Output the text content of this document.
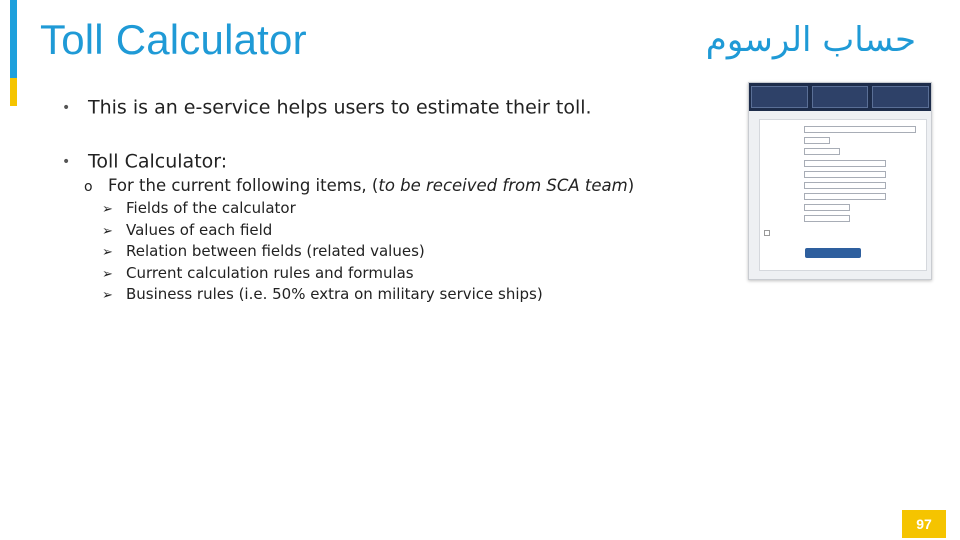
Toll Calculator	حساب الرسوم
• This is an e-service helps users to estimate their toll.
• Toll Calculator:
o For the current following items, (to be received from SCA team)
➢ Fields of the calculator
➢ Values of each field
➢ Relation between fields (related values)
➢ Current calculation rules and formulas
➢ Business rules (i.e. 50% extra on military service ships)
97
